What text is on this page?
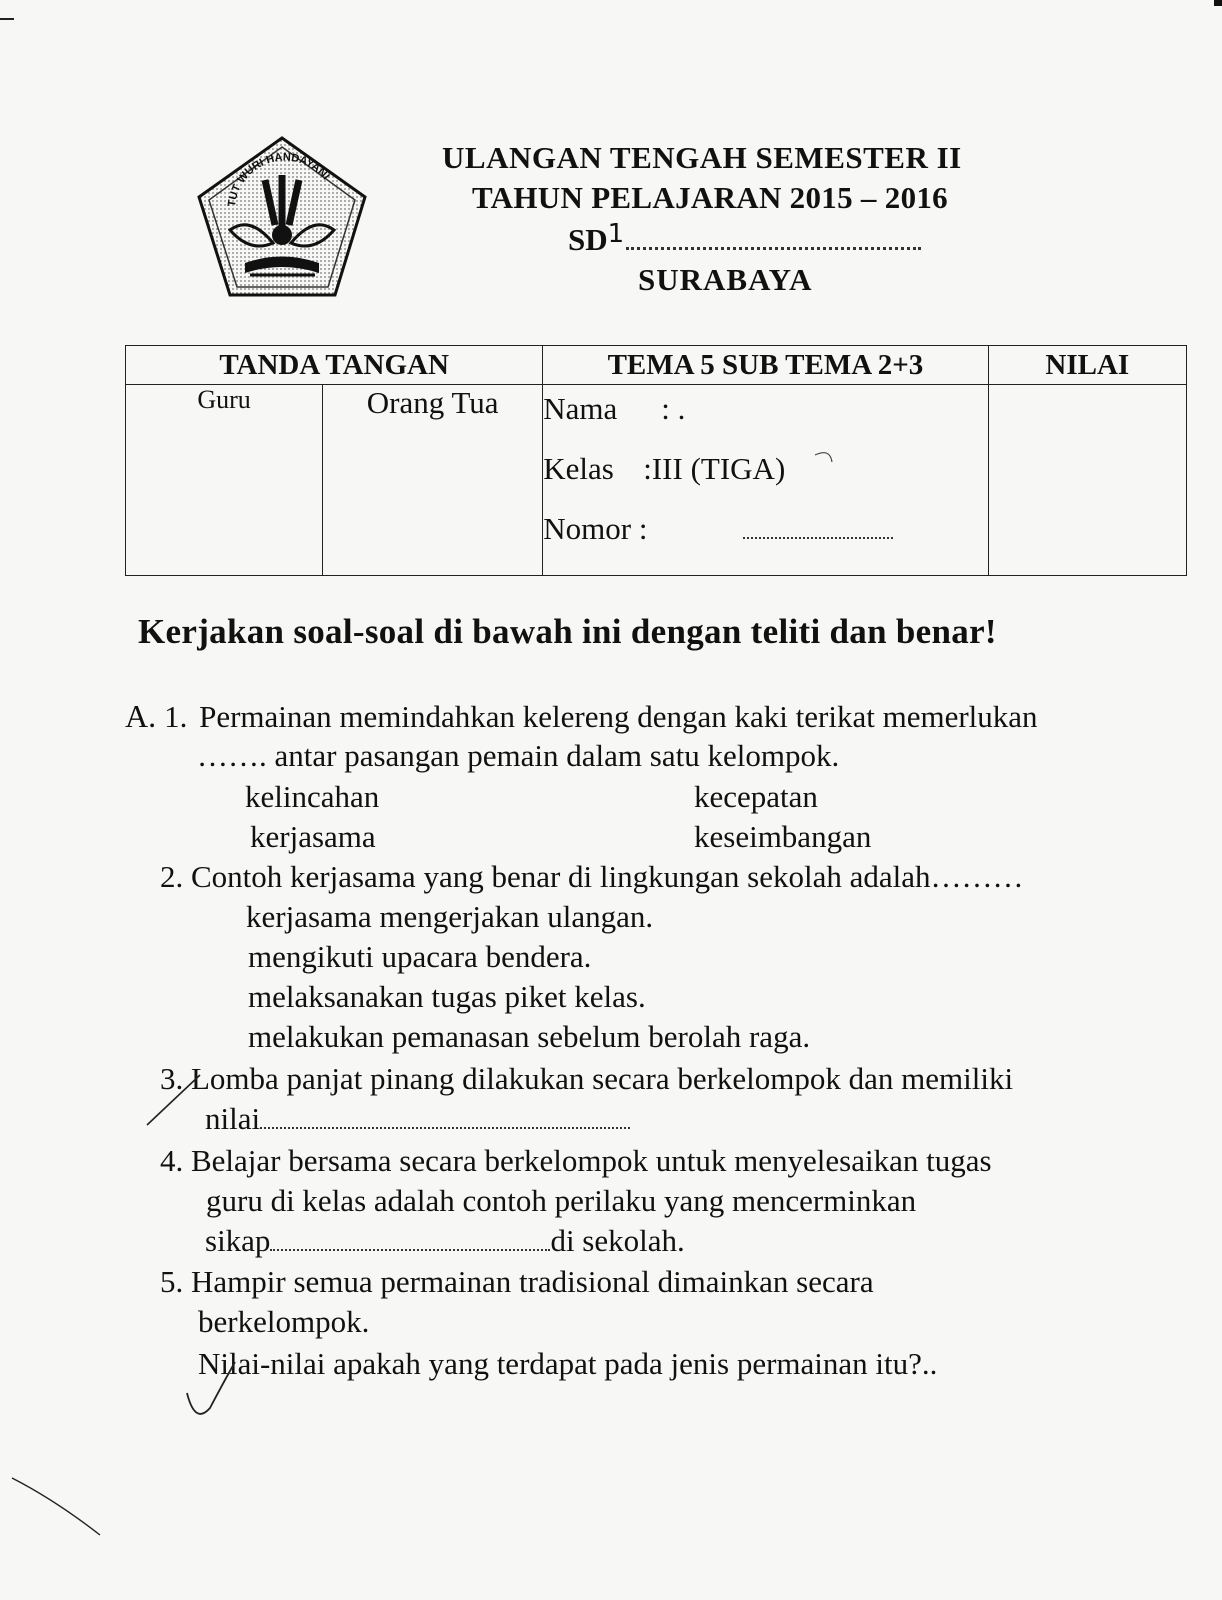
TUT WURI HANDAYANI
ULANGAN TENGAH SEMESTER II
TAHUN PELAJARAN 2015 – 2016
$SD^1$
SURABAYA
TANDA TANGAN		TEMA 5 SUB TEMA 2+3	NILAI
Guru	Orang Tua	Nama : .
Kelas :III (TIGA)
Nomor :	

Kerjakan soal-soal di bawah ini dengan teliti dan benar!
A. 1. Permainan memindahkan kelereng dengan kaki terikat memerlukan
……. antar pasangan pemain dalam satu kelompok.
kelincahan	kecepatan
kerjasama	keseimbangan
2. Contoh kerjasama yang benar di lingkungan sekolah adalah………
kerjasama mengerjakan ulangan.
mengikuti upacara bendera.
melaksanakan tugas piket kelas.
melakukan pemanasan sebelum berolah raga.
3. Lomba panjat pinang dilakukan secara berkelompok dan memiliki
nilai
4. Belajar bersama secara berkelompok untuk menyelesaikan tugas
guru di kelas adalah contoh perilaku yang mencerminkan
sikap	di sekolah.
5. Hampir semua permainan tradisional dimainkan secara
berkelompok.
Nilai-nilai apakah yang terdapat pada jenis permainan itu?..
